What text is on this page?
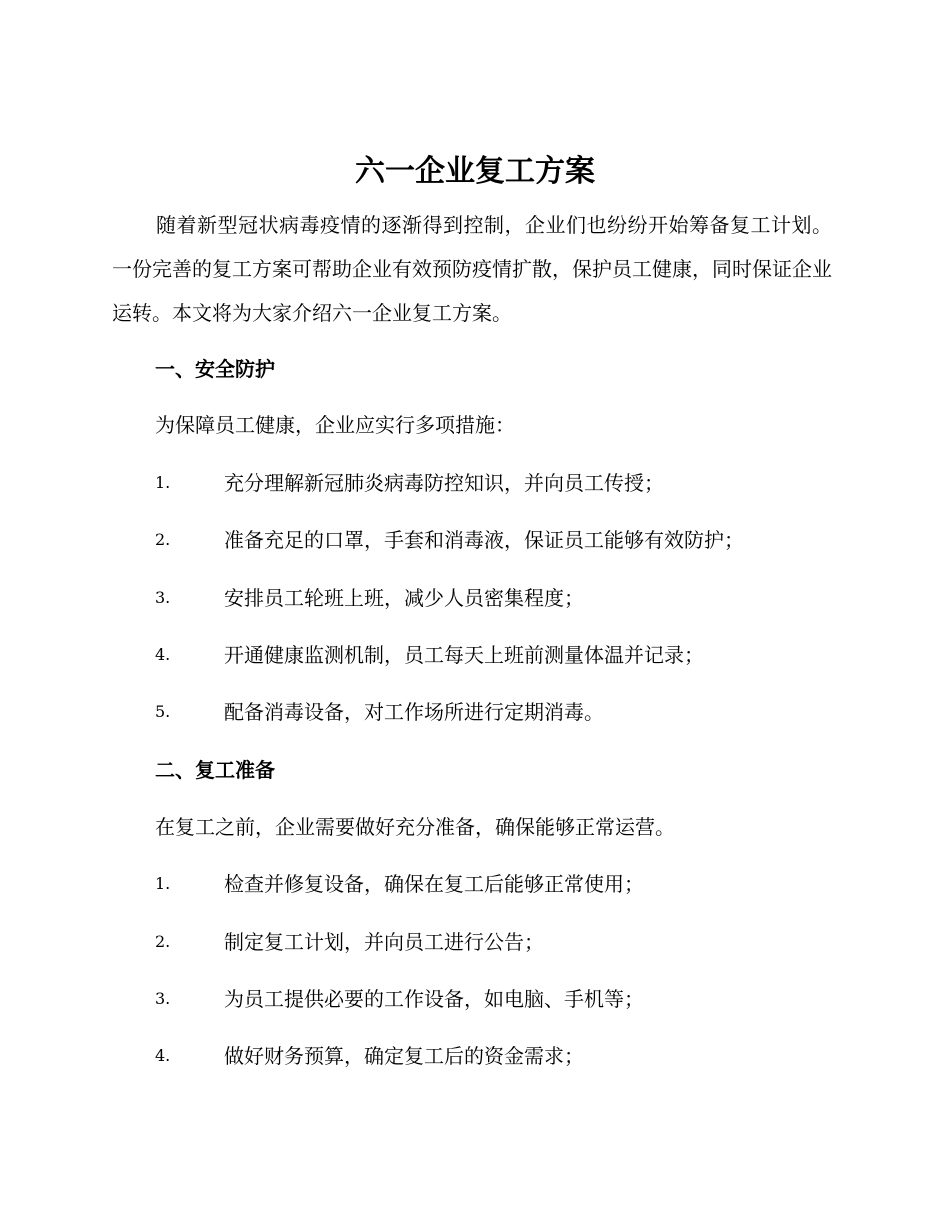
六一企业复工方案

随着新型冠状病毒疫情的逐渐得到控制，企业们也纷纷开始筹备复工计划。一份完善的复工方案可帮助企业有效预防疫情扩散，保护员工健康，同时保证企业运转。本文将为大家介绍六一企业复工方案。

一、安全防护
为保障员工健康，企业应实行多项措施：
1.	充分理解新冠肺炎病毒防控知识，并向员工传授；
2.	准备充足的口罩，手套和消毒液，保证员工能够有效防护；
3.	安排员工轮班上班，减少人员密集程度；
4.	开通健康监测机制，员工每天上班前测量体温并记录；
5.	配备消毒设备，对工作场所进行定期消毒。
二、复工准备
在复工之前，企业需要做好充分准备，确保能够正常运营。
1.	检查并修复设备，确保在复工后能够正常使用；
2.	制定复工计划，并向员工进行公告；
3.	为员工提供必要的工作设备，如电脑、手机等；
4.	做好财务预算，确定复工后的资金需求；
